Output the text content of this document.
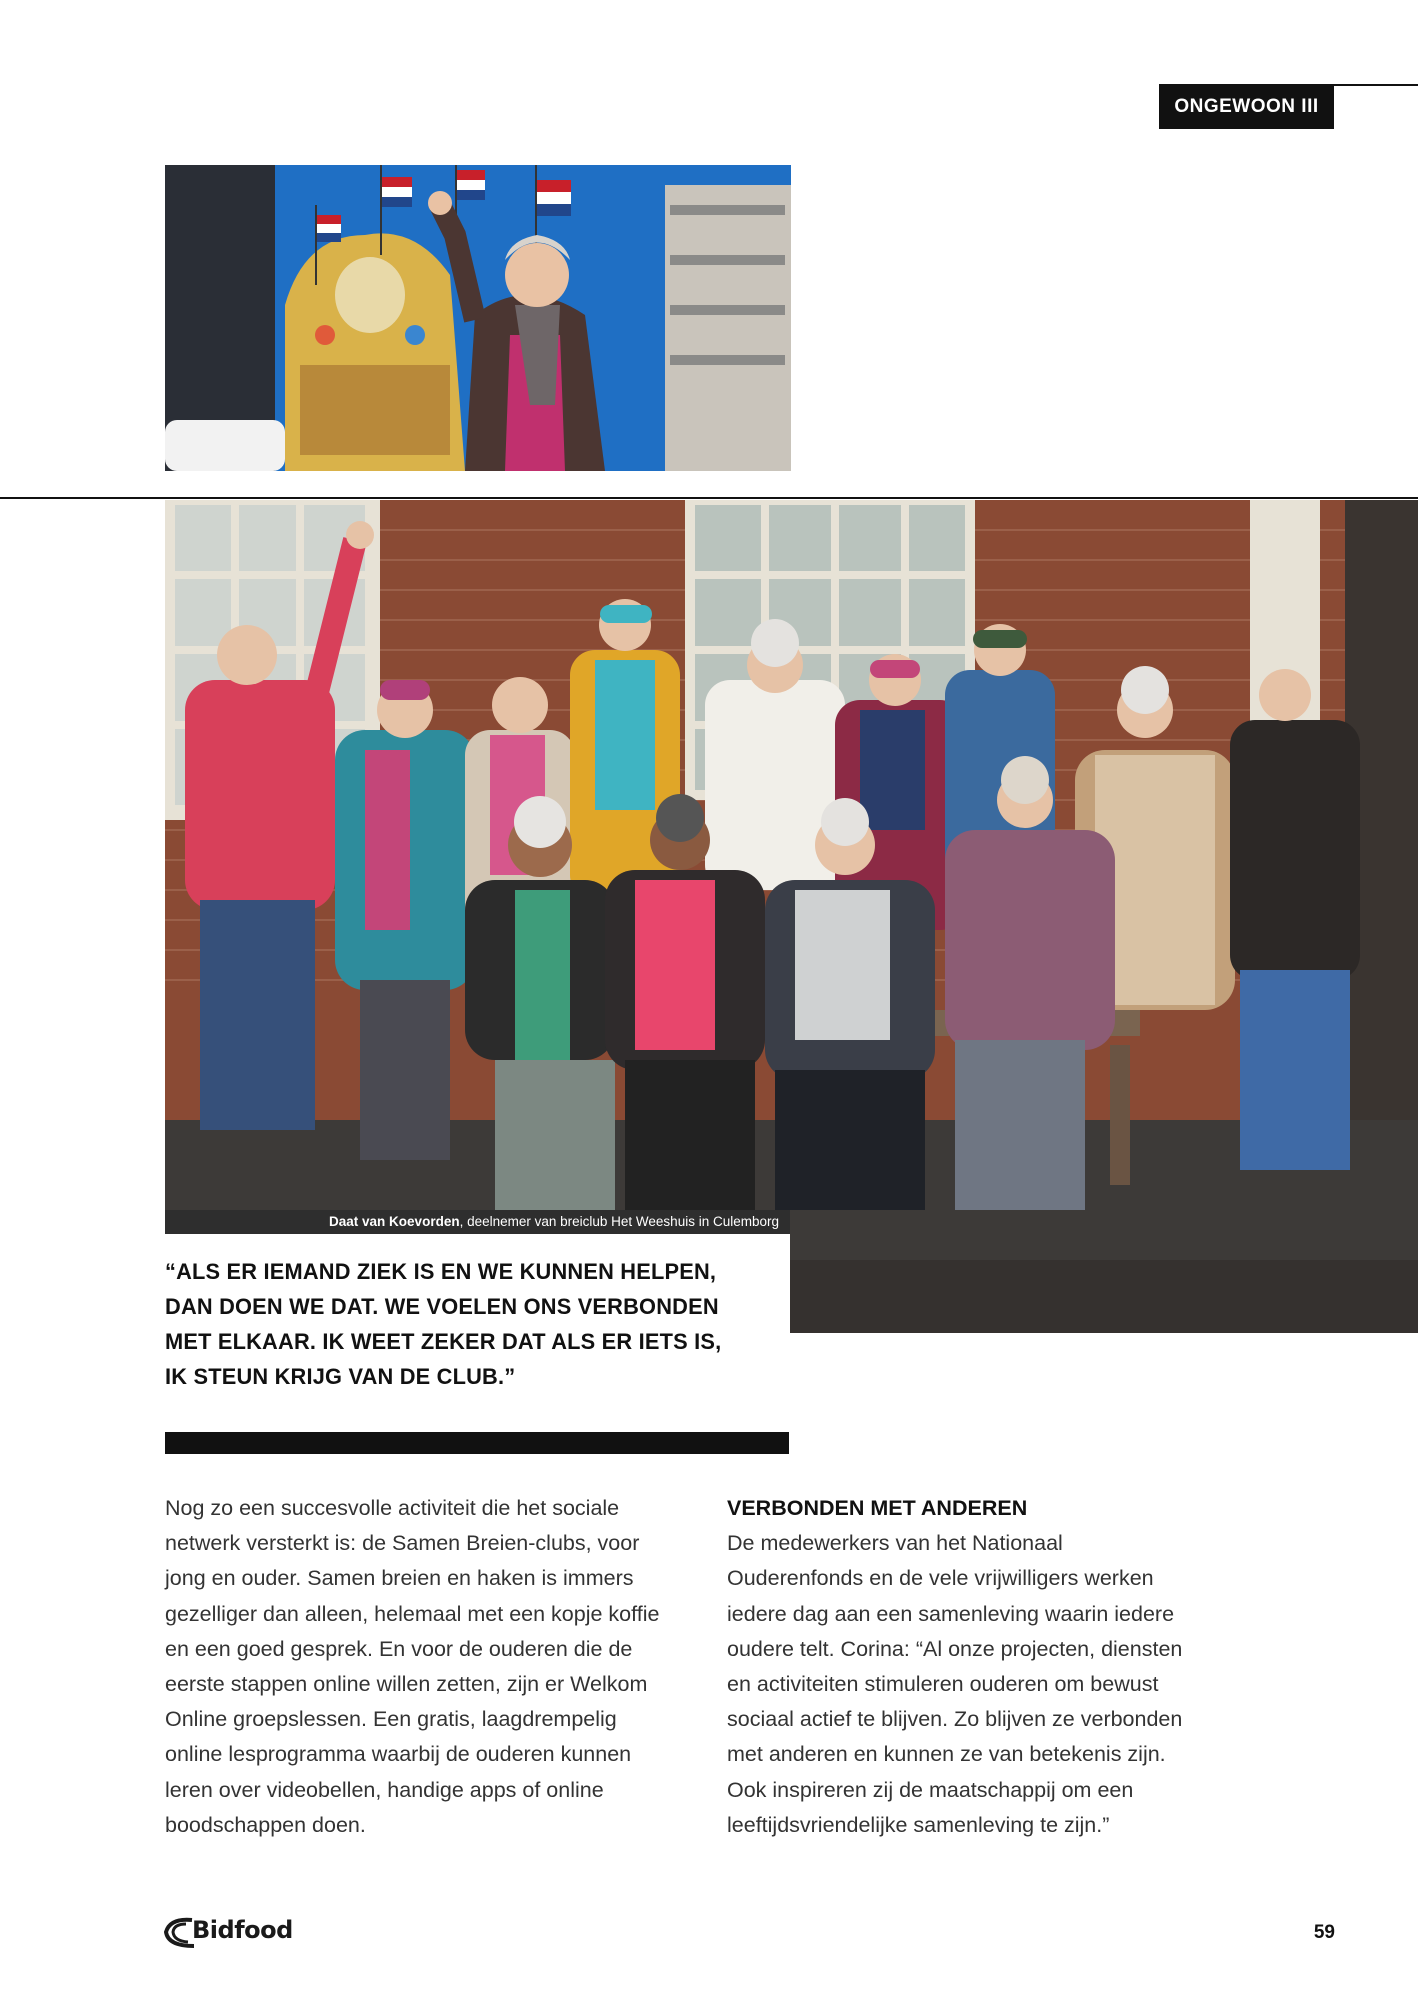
ONGEWOON III
Daat van Koevorden, deelnemer van breiclub Het Weeshuis in Culemborg
“ALS ER IEMAND ZIEK IS EN WE KUNNEN HELPEN,
DAN DOEN WE DAT. WE VOELEN ONS VERBONDEN
MET ELKAAR. IK WEET ZEKER DAT ALS ER IETS IS,
IK STEUN KRIJG VAN DE CLUB.”
Nog zo een succesvolle activiteit die het sociale
netwerk versterkt is: de Samen Breien-clubs, voor
jong en ouder. Samen breien en haken is immers
gezelliger dan alleen, helemaal met een kopje koffie
en een goed gesprek. En voor de ouderen die de
eerste stappen online willen zetten, zijn er Welkom
Online groepslessen. Een gratis, laagdrempelig
online lesprogramma waarbij de ouderen kunnen
leren over videobellen, handige apps of online
boodschappen doen.
VERBONDEN MET ANDEREN
De medewerkers van het Nationaal
Ouderenfonds en de vele vrijwilligers werken
iedere dag aan een samenleving waarin iedere
oudere telt. Corina: “Al onze projecten, diensten
en activiteiten stimuleren ouderen om bewust
sociaal actief te blijven. Zo blijven ze verbonden
met anderen en kunnen ze van betekenis zijn.
Ook inspireren zij de maatschappij om een
leeftijdsvriendelijke samenleving te zijn.”
Bidfood	59
